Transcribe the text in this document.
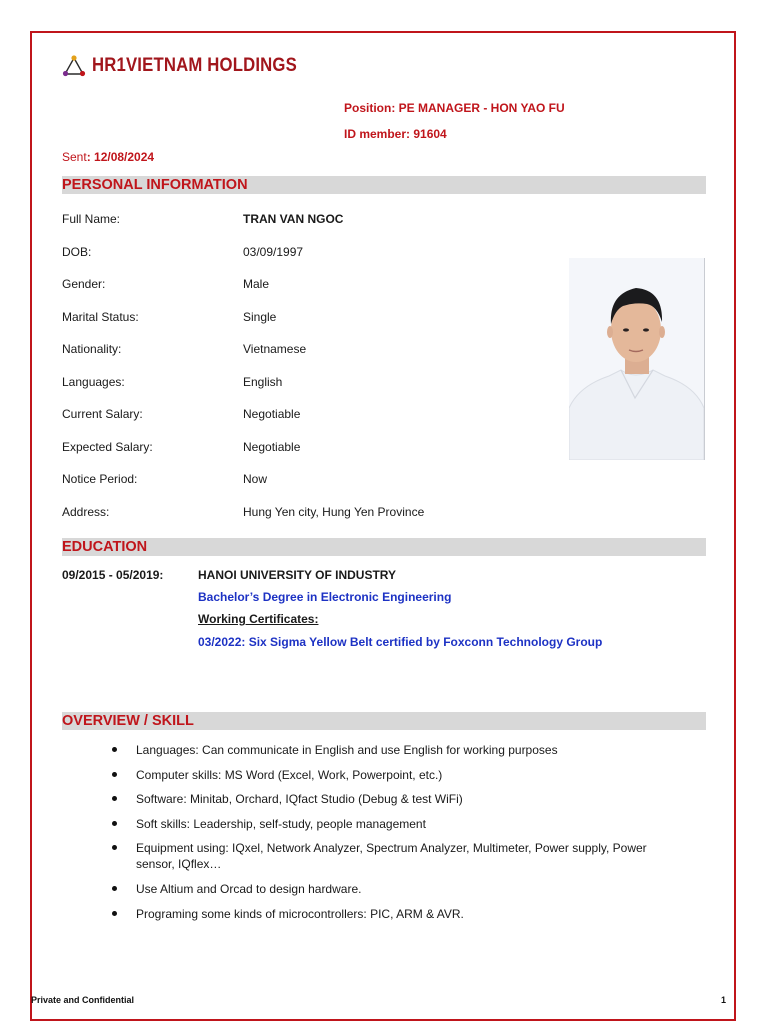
HR1VIETNAM HOLDINGS
Position: PE MANAGER - HON YAO FU
ID member: 91604
Sent: 12/08/2024
PERSONAL INFORMATION
Full Name:	TRAN VAN NGOC
DOB:	03/09/1997
Gender:	Male
Marital Status:	Single
Nationality:	Vietnamese
Languages:	English
Current Salary:	Negotiable
Expected Salary:	Negotiable
Notice Period:	Now
Address:	Hung Yen city, Hung Yen Province
EDUCATION
09/2015 - 05/2019:	HANOI UNIVERSITY OF INDUSTRY
Bachelor’s Degree in Electronic Engineering
Working Certificates:
03/2022: Six Sigma Yellow Belt certified by Foxconn Technology Group
OVERVIEW / SKILL
Languages: Can communicate in English and use English for working purposes
Computer skills: MS Word (Excel, Work, Powerpoint, etc.)
Software: Minitab, Orchard, IQfact Studio (Debug & test WiFi)
Soft skills: Leadership, self-study, people management
Equipment using: IQxel, Network Analyzer, Spectrum Analyzer, Multimeter, Power supply, Power sensor, IQflex…
Use Altium and Orcad to design hardware.
Programing some kinds of microcontrollers: PIC, ARM & AVR.
Private and Confidential	1
